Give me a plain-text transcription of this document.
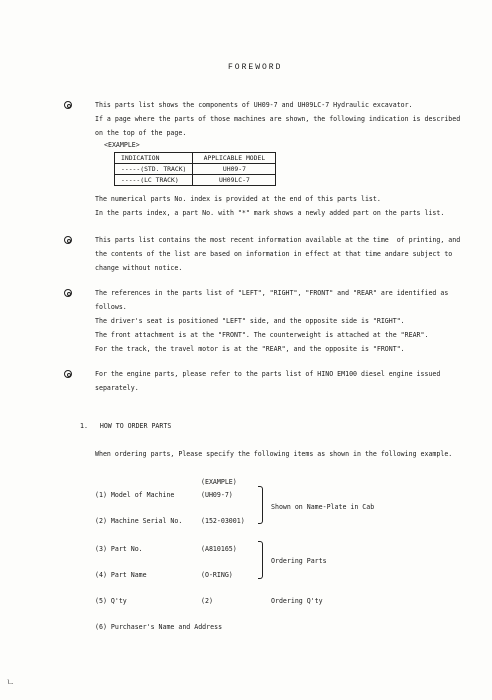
FOREWORD
This parts list shows the components of UH09-7 and UH09LC-7 Hydraulic excavator.
If a page where the parts of those machines are shown, the following indication is described
on the top of the page.
<EXAMPLE>
INDICATION	APPLICABLE MODEL
-----(STD. TRACK)	UH09-7
-----(LC TRACK)	UH09LC-7
The numerical parts No. index is provided at the end of this parts list.
In the parts index, a part No. with "*" mark shows a newly added part on the parts list.
This parts list contains the most recent information available at the time  of printing, and
the contents of the list are based on information in effect at that time andare subject to
change without notice.
The references in the parts list of "LEFT", "RIGHT", "FRONT" and "REAR" are identified as
follows.
The driver's seat is positioned "LEFT" side, and the opposite side is "RIGHT".
The front attachment is at the "FRONT". The counterweight is attached at the "REAR".
For the track, the travel motor is at the "REAR", and the opposite is "FRONT".
For the engine parts, please refer to the parts list of HINO EM100 diesel engine issued
separately.
1.   HOW TO ORDER PARTS
When ordering parts, Please specify the following items as shown in the following example.
(EXAMPLE)
(1) Model of Machine	(UH09-7)
(2) Machine Serial No.	(152-03001)
Shown on Name-Plate in Cab
(3) Part No.	(A810165)
(4) Part Name	(O-RING)
Ordering Parts
(5) Q'ty	(2)	Ordering Q'ty
(6) Purchaser's Name and Address
ㄴ
